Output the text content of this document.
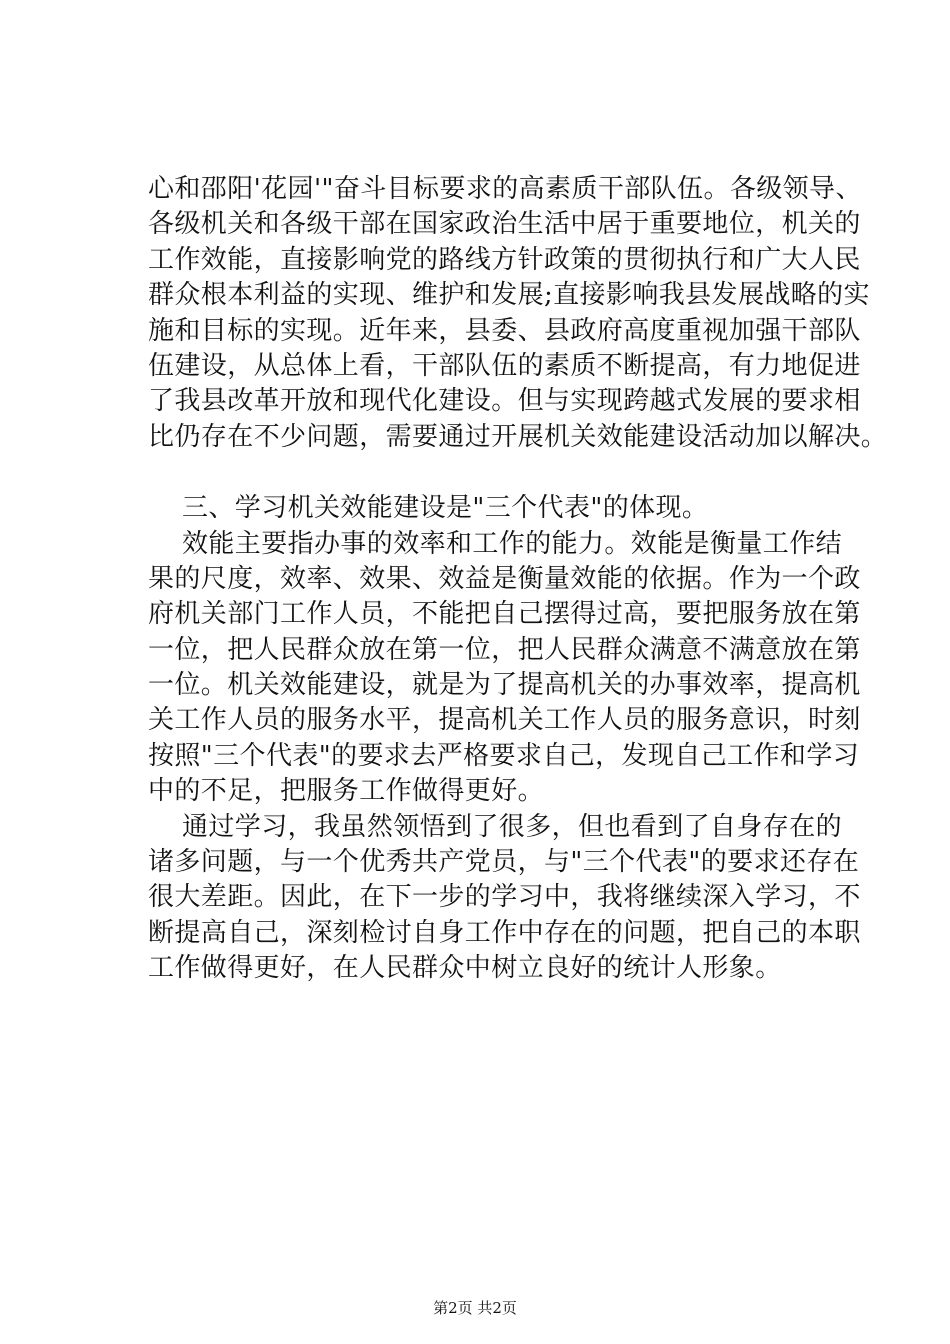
心和邵阳'花园'"奋斗目标要求的高素质干部队伍。各级领导、
各级机关和各级干部在国家政治生活中居于重要地位，机关的
工作效能，直接影响党的路线方针政策的贯彻执行和广大人民
群众根本利益的实现、维护和发展;直接影响我县发展战略的实
施和目标的实现。近年来，县委、县政府高度重视加强干部队
伍建设，从总体上看，干部队伍的素质不断提高，有力地促进
了我县改革开放和现代化建设。但与实现跨越式发展的要求相
比仍存在不少问题，需要通过开展机关效能建设活动加以解决。
三、学习机关效能建设是"三个代表"的体现。
效能主要指办事的效率和工作的能力。效能是衡量工作结
果的尺度，效率、效果、效益是衡量效能的依据。作为一个政
府机关部门工作人员，不能把自己摆得过高，要把服务放在第
一位，把人民群众放在第一位，把人民群众满意不满意放在第
一位。机关效能建设，就是为了提高机关的办事效率，提高机
关工作人员的服务水平，提高机关工作人员的服务意识，时刻
按照"三个代表"的要求去严格要求自己，发现自己工作和学习
中的不足，把服务工作做得更好。
通过学习，我虽然领悟到了很多，但也看到了自身存在的
诸多问题，与一个优秀共产党员，与"三个代表"的要求还存在
很大差距。因此，在下一步的学习中，我将继续深入学习，不
断提高自己，深刻检讨自身工作中存在的问题，把自己的本职
工作做得更好，在人民群众中树立良好的统计人形象。
第2页 共2页
